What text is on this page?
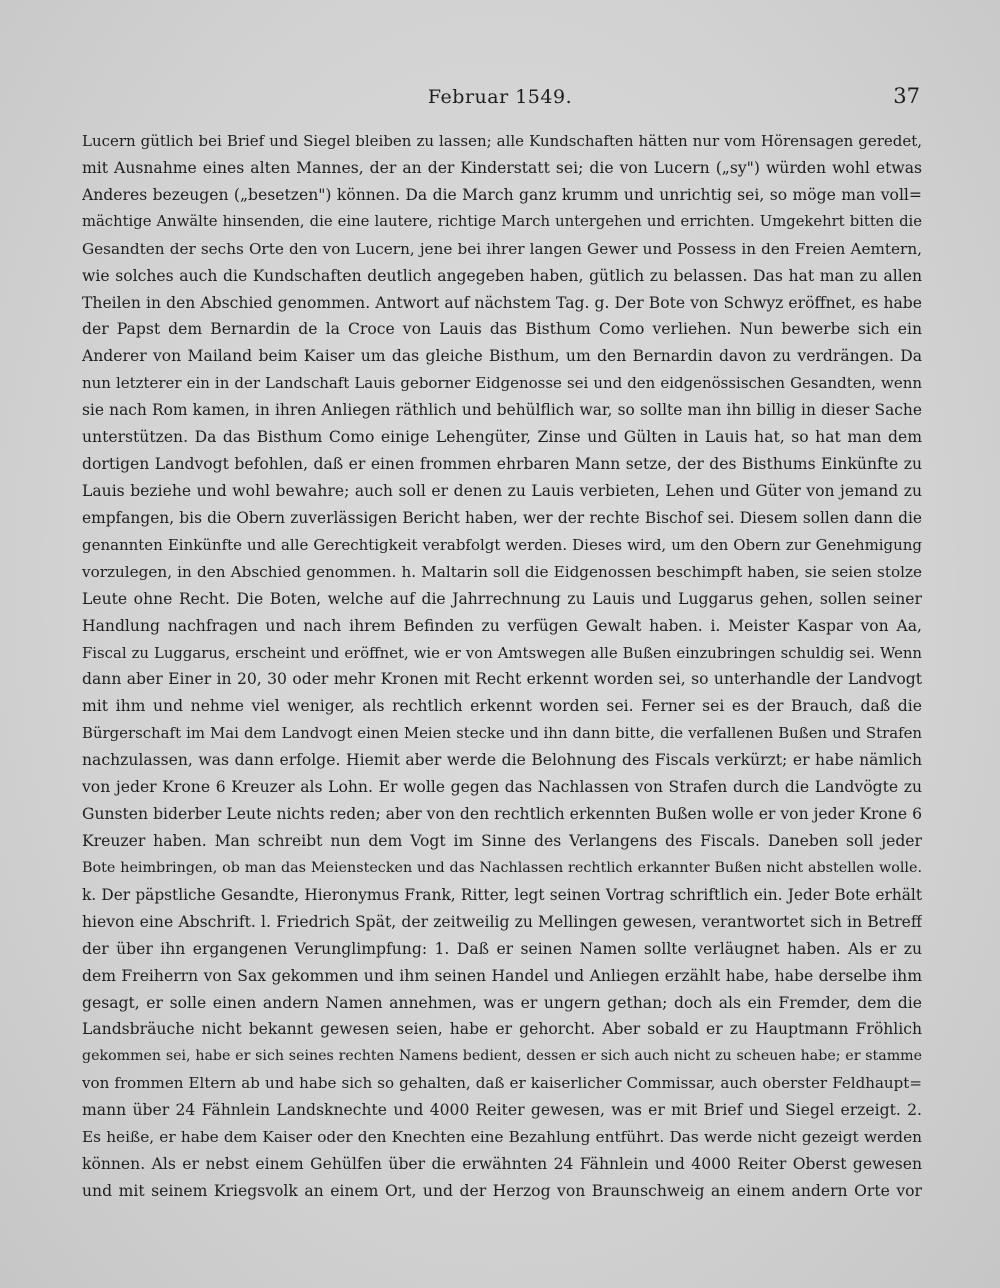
Februar 1549.	37
Lucern gütlich bei Brief und Siegel bleiben zu lassen; alle Kundschaften hätten nur vom Hörensagen geredet,
mit Ausnahme eines alten Mannes, der an der Kinderstatt sei; die von Lucern („sy") würden wohl etwas
Anderes bezeugen („besetzen") können. Da die March ganz krumm und unrichtig sei, so möge man voll=
mächtige Anwälte hinsenden, die eine lautere, richtige March untergehen und errichten. Umgekehrt bitten die
Gesandten der sechs Orte den von Lucern, jene bei ihrer langen Gewer und Possess in den Freien Aemtern,
wie solches auch die Kundschaften deutlich angegeben haben, gütlich zu belassen. Das hat man zu allen
Theilen in den Abschied genommen. Antwort auf nächstem Tag. g. Der Bote von Schwyz eröffnet, es habe
der Papst dem Bernardin de la Croce von Lauis das Bisthum Como verliehen. Nun bewerbe sich ein
Anderer von Mailand beim Kaiser um das gleiche Bisthum, um den Bernardin davon zu verdrängen. Da
nun letzterer ein in der Landschaft Lauis geborner Eidgenosse sei und den eidgenössischen Gesandten, wenn
sie nach Rom kamen, in ihren Anliegen räthlich und behülflich war, so sollte man ihn billig in dieser Sache
unterstützen. Da das Bisthum Como einige Lehengüter, Zinse und Gülten in Lauis hat, so hat man dem
dortigen Landvogt befohlen, daß er einen frommen ehrbaren Mann setze, der des Bisthums Einkünfte zu
Lauis beziehe und wohl bewahre; auch soll er denen zu Lauis verbieten, Lehen und Güter von jemand zu
empfangen, bis die Obern zuverlässigen Bericht haben, wer der rechte Bischof sei. Diesem sollen dann die
genannten Einkünfte und alle Gerechtigkeit verabfolgt werden. Dieses wird, um den Obern zur Genehmigung
vorzulegen, in den Abschied genommen. h. Maltarin soll die Eidgenossen beschimpft haben, sie seien stolze
Leute ohne Recht. Die Boten, welche auf die Jahrrechnung zu Lauis und Luggarus gehen, sollen seiner
Handlung nachfragen und nach ihrem Befinden zu verfügen Gewalt haben. i. Meister Kaspar von Aa,
Fiscal zu Luggarus, erscheint und eröffnet, wie er von Amtswegen alle Bußen einzubringen schuldig sei. Wenn
dann aber Einer in 20, 30 oder mehr Kronen mit Recht erkennt worden sei, so unterhandle der Landvogt
mit ihm und nehme viel weniger, als rechtlich erkennt worden sei. Ferner sei es der Brauch, daß die
Bürgerschaft im Mai dem Landvogt einen Meien stecke und ihn dann bitte, die verfallenen Bußen und Strafen
nachzulassen, was dann erfolge. Hiemit aber werde die Belohnung des Fiscals verkürzt; er habe nämlich
von jeder Krone 6 Kreuzer als Lohn. Er wolle gegen das Nachlassen von Strafen durch die Landvögte zu
Gunsten biderber Leute nichts reden; aber von den rechtlich erkennten Bußen wolle er von jeder Krone 6
Kreuzer haben. Man schreibt nun dem Vogt im Sinne des Verlangens des Fiscals. Daneben soll jeder
Bote heimbringen, ob man das Meienstecken und das Nachlassen rechtlich erkannter Bußen nicht abstellen wolle.
k. Der päpstliche Gesandte, Hieronymus Frank, Ritter, legt seinen Vortrag schriftlich ein. Jeder Bote erhält
hievon eine Abschrift. l. Friedrich Spät, der zeitweilig zu Mellingen gewesen, verantwortet sich in Betreff
der über ihn ergangenen Verunglimpfung: 1. Daß er seinen Namen sollte verläugnet haben. Als er zu
dem Freiherrn von Sax gekommen und ihm seinen Handel und Anliegen erzählt habe, habe derselbe ihm
gesagt, er solle einen andern Namen annehmen, was er ungern gethan; doch als ein Fremder, dem die
Landsbräuche nicht bekannt gewesen seien, habe er gehorcht. Aber sobald er zu Hauptmann Fröhlich
gekommen sei, habe er sich seines rechten Namens bedient, dessen er sich auch nicht zu scheuen habe; er stamme
von frommen Eltern ab und habe sich so gehalten, daß er kaiserlicher Commissar, auch oberster Feldhaupt=
mann über 24 Fähnlein Landsknechte und 4000 Reiter gewesen, was er mit Brief und Siegel erzeigt. 2.
Es heiße, er habe dem Kaiser oder den Knechten eine Bezahlung entführt. Das werde nicht gezeigt werden
können. Als er nebst einem Gehülfen über die erwähnten 24 Fähnlein und 4000 Reiter Oberst gewesen
und mit seinem Kriegsvolk an einem Ort, und der Herzog von Braunschweig an einem andern Orte vor
